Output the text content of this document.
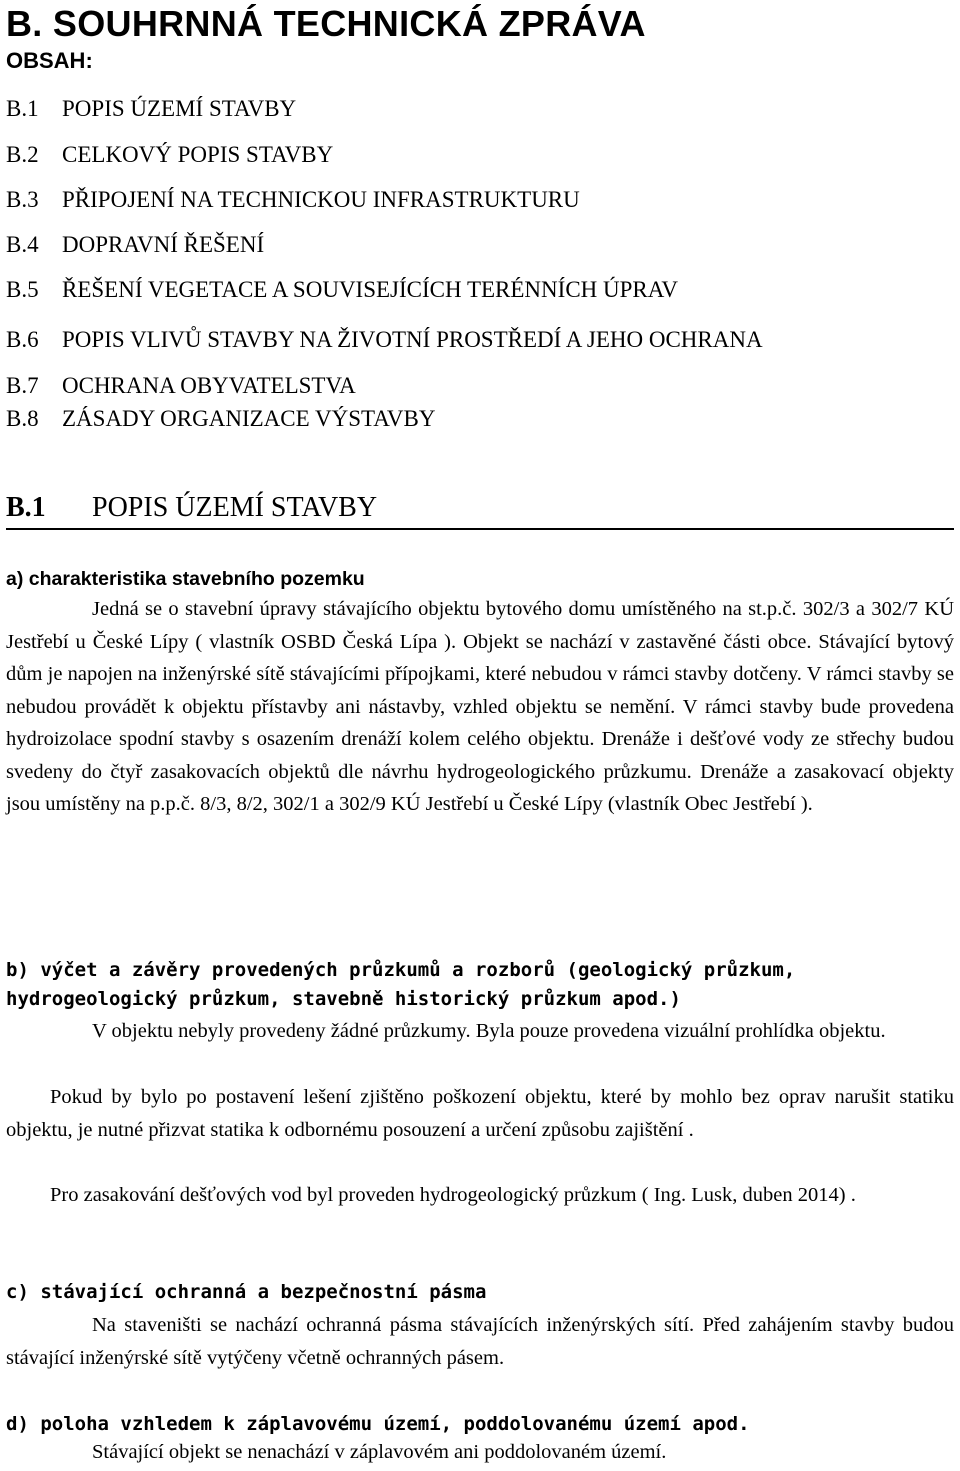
B. SOUHRNNÁ TECHNICKÁ ZPRÁVA
OBSAH:
B.1	POPIS ÚZEMÍ STAVBY
B.2	CELKOVÝ POPIS STAVBY
B.3	PŘIPOJENÍ NA TECHNICKOU INFRASTRUKTURU
B.4	DOPRAVNÍ ŘEŠENÍ
B.5	ŘEŠENÍ VEGETACE A SOUVISEJÍCÍCH TERÉNNÍCH ÚPRAV
B.6	POPIS VLIVŮ STAVBY NA ŽIVOTNÍ PROSTŘEDÍ A JEHO OCHRANA
B.7	OCHRANA OBYVATELSTVA
B.8	ZÁSADY ORGANIZACE VÝSTAVBY
B.1 POPIS ÚZEMÍ STAVBY
a) charakteristika stavebního pozemku

Jedná se o stavební úpravy stávajícího objektu bytového domu umístěného na st.p.č. 302/3 a 302/7 KÚ Jestřebí u České Lípy ( vlastník OSBD Česká Lípa ). Objekt se nachází v zastavěné části obce. Stávající bytový dům je napojen na inženýrské sítě stávajícími přípojkami, které nebudou v rámci stavby dotčeny. V rámci stavby se nebudou provádět k objektu přístavby ani nástavby, vzhled objektu se nemění. V rámci stavby bude provedena hydroizolace spodní stavby s osazením drenáží kolem celého objektu. Drenáže i dešťové vody ze střechy budou svedeny do čtyř zasakovacích objektů dle návrhu hydrogeologického průzkumu. Drenáže a zasakovací objekty jsou umístěny na p.p.č. 8/3, 8/2, 302/1 a 302/9 KÚ Jestřebí u České Lípy (vlastník Obec Jestřebí ).

b) výčet a závěry provedených průzkumů a rozborů (geologický průzkum, hydrogeologický průzkum, stavebně historický průzkum apod.)

V objektu nebyly provedeny žádné průzkumy. Byla pouze provedena vizuální prohlídka objektu.

Pokud by bylo po postavení lešení zjištěno poškození objektu, které by mohlo bez oprav narušit statiku objektu, je nutné přizvat statika k odbornému posouzení a určení způsobu zajištění .

Pro zasakování dešťových vod byl proveden hydrogeologický průzkum ( Ing. Lusk, duben 2014) .

c) stávající ochranná a bezpečnostní pásma

Na staveništi se nachází ochranná pásma stávajících inženýrských sítí. Před zahájením stavby budou stávající inženýrské sítě vytýčeny včetně ochranných pásem.

d) poloha vzhledem k záplavovému území, poddolovanému území apod.

Stávající objekt se nenachází v záplavovém ani poddolovaném území.
